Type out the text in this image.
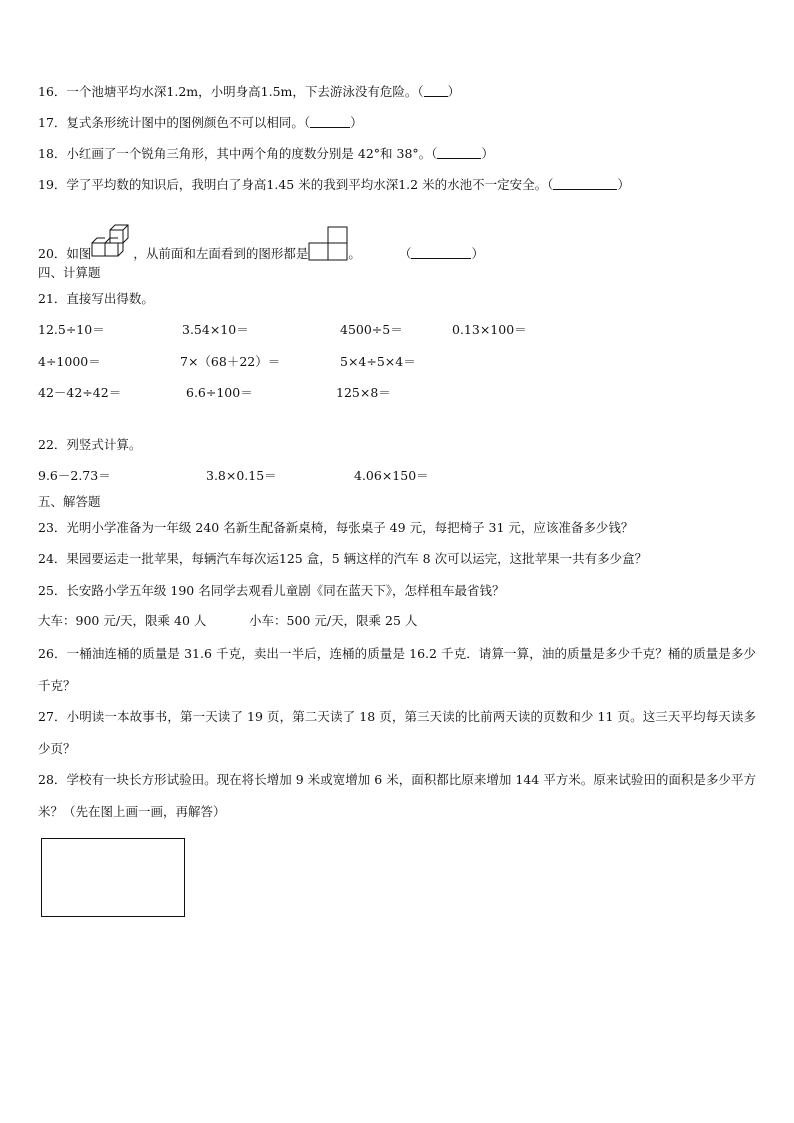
16．一个池塘平均水深1.2m，小明身高1.5m，下去游泳没有危险。（ ）
17．复式条形统计图中的图例颜色不可以相同。（	）
18．小红画了一个锐角三角形，其中两个角的度数分别是 42°和 38°。（	）
19．学了平均数的知识后，我明白了身高1.45 米的我到平均水深1.2 米的水池不一定安全。（	）
20．如图	，从前面和左面看到的图形都是	。	（	）
四、计算题
21．直接写出得数。
12.5÷10＝	3.54×10＝	4500÷5＝	0.13×100＝
4÷1000＝	7×（68＋22）＝	5×4÷5×4＝
42－42÷42＝	6.6÷100＝	125×8＝
22．列竖式计算。
9.6－2.73＝	3.8×0.15＝	4.06×150＝
五、解答题
23．光明小学准备为一年级 240 名新生配备新桌椅，每张桌子 49 元，每把椅子 31 元，应该准备多少钱？
24．果园要运走一批苹果，每辆汽车每次运125 盒，5 辆这样的汽车 8 次可以运完，这批苹果一共有多少盒？
25．长安路小学五年级 190 名同学去观看儿童剧《同在蓝天下》，怎样租车最省钱？
大车：900 元/天，限乘 40 人	小车：500 元/天，限乘 25 人
26．一桶油连桶的质量是 31.6 千克，卖出一半后，连桶的质量是 16.2 千克．请算一算，油的质量是多少千克？桶的质量是多少千克？
27．小明读一本故事书，第一天读了 19 页，第二天读了 18 页，第三天读的比前两天读的页数和少 11 页。这三天平均每天读多少页？
28．学校有一块长方形试验田。现在将长增加 9 米或宽增加 6 米，面积都比原来增加 144 平方米。原来试验田的面积是多少平方米？（先在图上画一画，再解答）
